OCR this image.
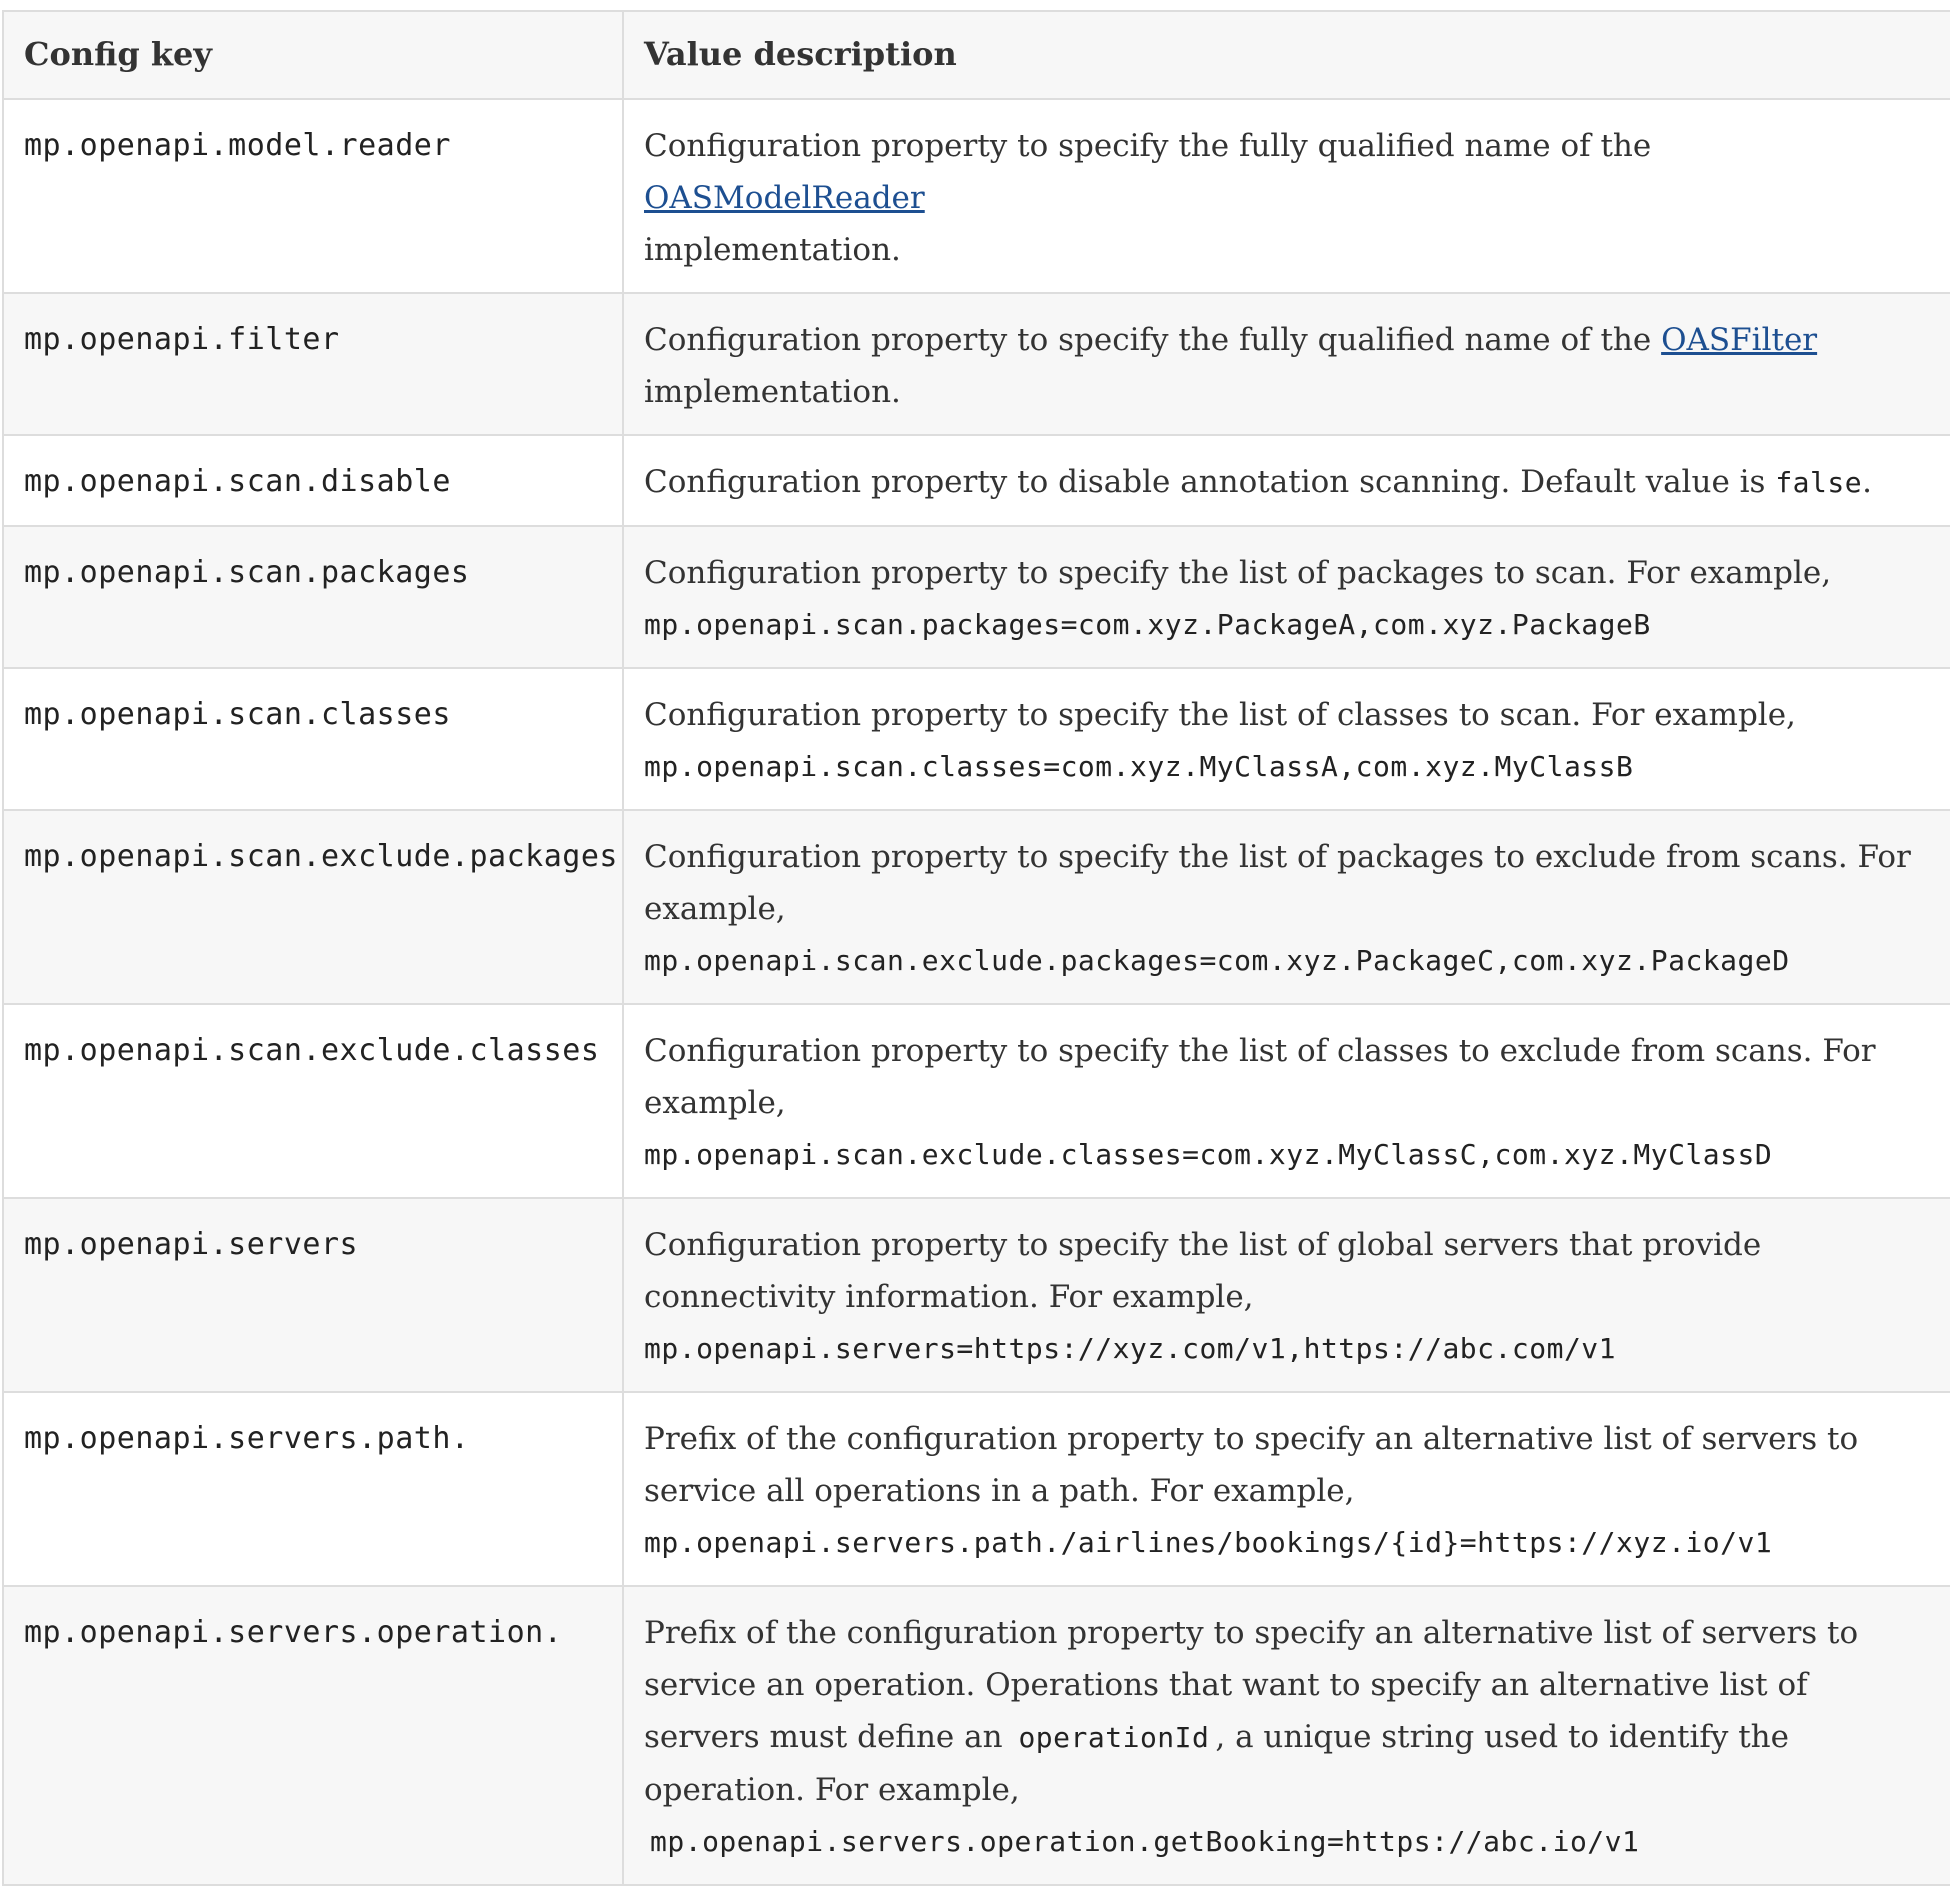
Config key	Value description
mp.openapi.model.reader	Configuration property to specify the fully qualified name of the OASModelReader
implementation.
mp.openapi.filter	Configuration property to specify the fully qualified name of the OASFilter
implementation.
mp.openapi.scan.disable	Configuration property to disable annotation scanning. Default value is false.
mp.openapi.scan.packages	Configuration property to specify the list of packages to scan. For example,
mp.openapi.scan.packages=com.xyz.PackageA,com.xyz.PackageB

mp.openapi.scan.classes	Configuration property to specify the list of classes to scan. For example,
mp.openapi.scan.classes=com.xyz.MyClassA,com.xyz.MyClassB

mp.openapi.scan.exclude.packages	Configuration property to specify the list of packages to exclude from scans. For example,
mp.openapi.scan.exclude.packages=com.xyz.PackageC,com.xyz.PackageD

mp.openapi.scan.exclude.classes	Configuration property to specify the list of classes to exclude from scans. For example,
mp.openapi.scan.exclude.classes=com.xyz.MyClassC,com.xyz.MyClassD

mp.openapi.servers	Configuration property to specify the list of global servers that provide connectivity information. For example,
mp.openapi.servers=https://xyz.com/v1,https://abc.com/v1

mp.openapi.servers.path.	Prefix of the configuration property to specify an alternative list of servers to service all operations in a path. For example,
mp.openapi.servers.path./airlines/bookings/{id}=https://xyz.io/v1

mp.openapi.servers.operation.	Prefix of the configuration property to specify an alternative list of servers to service an operation. Operations that want to specify an alternative list of servers must define an operationId , a unique string used to identify the operation. For example,
mp.openapi.servers.operation.getBooking=https://abc.io/v1
